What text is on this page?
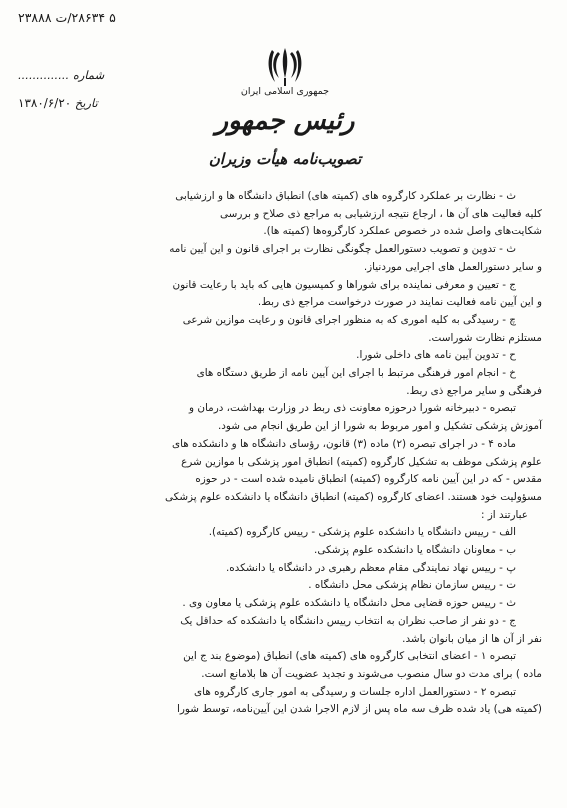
۵ ۲۸۶۳۴/ت ۲۳۸۸۸
شماره ..............
تاریخ ۱۳۸۰/۶/۲۰
جمهوری اسلامی ایران
رئیس جمهور
تصویب‌نامه هیأت وزیران

ث - نظارت بر عملکرد کارگروه های (کمیته های) انطباق دانشگاه ها و ارزشیابی

کلیه فعالیت های آن ها ، ارجاع نتیجه ارزشیابی به مراجع ذی صلاح و بررسی

شکایت‌های واصل شده در خصوص عملکرد کارگروه‌ها (کمیته ها).

ث - تدوین و تصویب دستورالعمل چگونگی نظارت بر اجرای قانون و این آیین نامه

و سایر دستورالعمل های اجرایی موردنیاز.

ج - تعیین و معرفی نماینده برای شوراها و کمیسیون هایی که باید با رعایت قانون

و این آیین نامه فعالیت نمایند در صورت درخواست مراجع ذی ربط.

چ - رسیدگی به کلیه اموری که به منظور اجرای قانون و رعایت موازین شرعی

مستلزم نظارت شوراست.

ح - تدوین آیین نامه های داخلی شورا.

خ - انجام امور فرهنگی مرتبط با اجرای این آیین نامه از طریق دستگاه های

فرهنگی و سایر مراجع ذی ربط.

تبصره - دبیرخانه شورا درحوزه معاونت ذی ربط در وزارت بهداشت، درمان و

آموزش پزشکی تشکیل و امور مربوط به شورا از این طریق انجام می شود.

ماده ۴ - در اجرای تبصره (۲) ماده (۳) قانون، رؤسای دانشگاه ها و دانشکده های

علوم پزشکی موظف به تشکیل کارگروه (کمیته) انطباق امور پزشکی با موازین شرع

مقدس - که در این آیین نامه کارگروه (کمیته) انطباق نامیده شده است - در حوزه

مسؤولیت خود هستند. اعضای کارگروه (کمیته) انطباق دانشگاه یا دانشکده علوم پزشکی

عبارتند از :

الف - رییس دانشگاه یا دانشکده علوم پزشکی - رییس کارگروه (کمیته).

ب - معاونان دانشگاه یا دانشکده علوم پزشکی.

پ - رییس نهاد نمایندگی مقام معظم رهبری در دانشگاه یا دانشکده.

ت - رییس سازمان نظام پزشکی محل دانشگاه .

ث - رییس حوزه قضایی محل دانشگاه یا دانشکده علوم پزشکی یا معاون وی .

ج - دو نفر از صاحب نظران به انتخاب رییس دانشگاه یا دانشکده که حداقل یک

نفر از آن ها از میان بانوان باشد.

تبصره ۱ - اعضای انتخابی کارگروه های (کمیته های) انطباق (موضوع بند ج این

ماده ) برای مدت دو سال منصوب می‌شوند و تجدید عضویت آن ها بلامانع است.

تبصره ۲ - دستورالعمل اداره جلسات و رسیدگی به امور جاری کارگروه های

(کمیته هی) یاد شده ظرف سه ماه پس از لازم الاجرا شدن این آیین‌نامه، توسط شورا
